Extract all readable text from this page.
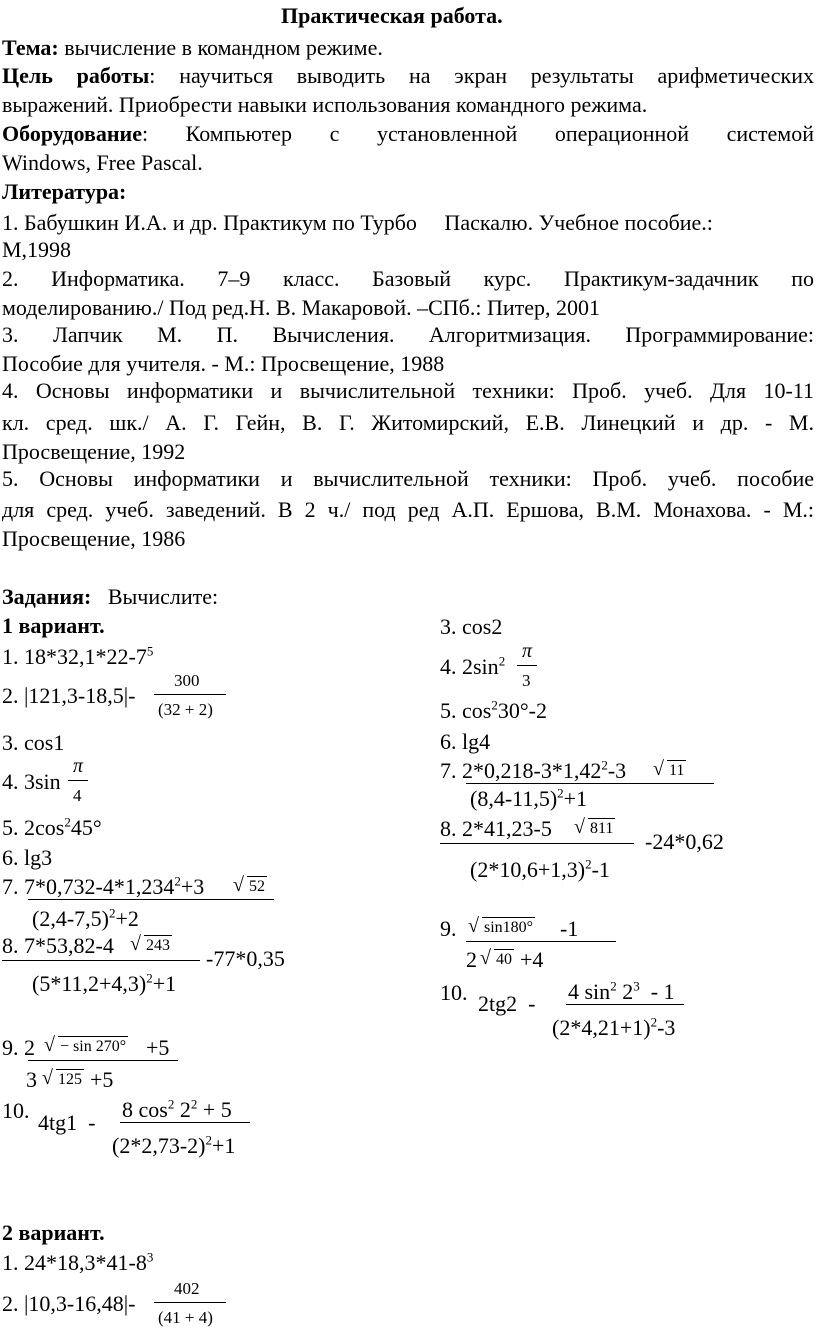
Практическая работа.
Тема: вычисление в командном режиме.
Цель работы: научиться выводить на экран результаты арифметических
выражений. Приобрести навыки использования командного режима.
Оборудование: Компьютер с установленной операционной системой
Windows, Free Pascal.
Литература:
1. Бабушкин И.А. и др. Практикум по Турбо     Паскалю. Учебное пособие.:
М,1998
2. Информатика. 7–9 класс. Базовый курс. Практикум-задачник по
моделированию./ Под ред.Н. В. Макаровой. –СПб.: Питер, 2001
3. Лапчик М. П. Вычисления. Алгоритмизация. Программирование:
Пособие для учителя. - М.: Просвещение, 1988
4. Основы информатики и вычислительной техники: Проб. учеб. Для 10-11
кл. сред. шк./ А. Г. Гейн, В. Г. Житомирский, Е.В. Линецкий и др. - М.
Просвещение, 1992
5. Основы информатики и вычислительной техники: Проб. учеб. пособие
для сред. учеб. заведений. В 2 ч./ под ред А.П. Ершова, В.М. Монахова. - М.:
Просвещение, 1986
Задания: Вычислите:
1 вариант.
1. $18*32,1*22-7^5$
2. |121,3-18,5|-
300
(32 + 2)
3. cos1
4. 3sin
π
4
5. $2\cos^245^\circ$
6. lg3
7. $7*0,732-4*1,234^2+3$ √ 52
$(2,4-7,5)^2+2$
8. 7*53,82-4 √ 243
-77*0,35
$(5*11,2+4,3)^2+1$
9. 2 √ − sin 270° +5
3 √ 125 +5
10. 4tg1  -
8 $\cos^2 2^2 + 5$
$(2*2,73-2)^2+1$
3. cos2
4. $2\sin^2$ π
3
5. $\cos^230^\circ-2$
6. lg4
7. 2*0,218-3*1,42$^2$-3 √ 11
$(8,4-11,5)^2+1$
8. 2*41,23-5 √ 811
-24*0,62
$(2*10,6+1,3)^2-1$
9. √ sin180° -1
2 √ 40 +4
10. 2tg2  - 4 $\sin^2 2^3 - 1$
$(2*4,21+1)^2-3$
2 вариант.
1. $24*18,3*41-8^3$
2. |10,3-16,48|-
402
(41 + 4)
